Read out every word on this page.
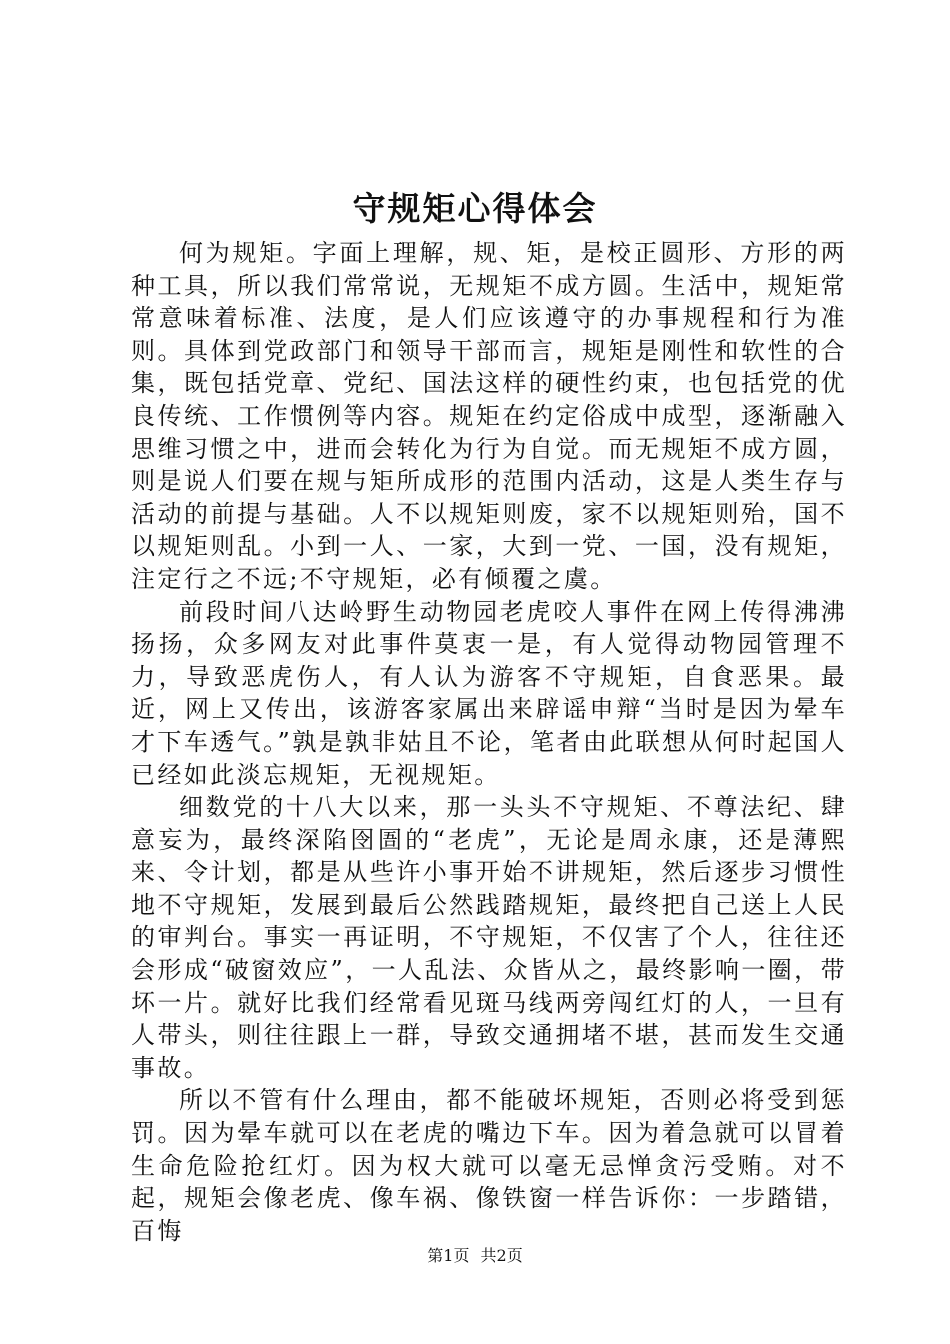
守规矩心得体会

何为规矩。字面上理解，规、矩，是校正圆形、方形的两种工具，所以我们常常说，无规矩不成方圆。生活中，规矩常常意味着标准、法度，是人们应该遵守的办事规程和行为准则。具体到党政部门和领导干部而言，规矩是刚性和软性的合集，既包括党章、党纪、国法这样的硬性约束，也包括党的优良传统、工作惯例等内容。规矩在约定俗成中成型，逐渐融入思维习惯之中，进而会转化为行为自觉。而无规矩不成方圆，则是说人们要在规与矩所成形的范围内活动，这是人类生存与活动的前提与基础。人不以规矩则废，家不以规矩则殆，国不以规矩则乱。小到一人、一家，大到一党、一国，没有规矩，注定行之不远;不守规矩，必有倾覆之虞。

前段时间八达岭野生动物园老虎咬人事件在网上传得沸沸扬扬，众多网友对此事件莫衷一是，有人觉得动物园管理不力，导致恶虎伤人，有人认为游客不守规矩，自食恶果。最近，网上又传出，该游客家属出来辟谣申辩“当时是因为晕车才下车透气。”孰是孰非姑且不论，笔者由此联想从何时起国人已经如此淡忘规矩，无视规矩。

细数党的十八大以来，那一头头不守规矩、不尊法纪、肆意妄为，最终深陷囹圄的“老虎”，无论是周永康，还是薄熙来、令计划，都是从些许小事开始不讲规矩，然后逐步习惯性地不守规矩，发展到最后公然践踏规矩，最终把自己送上人民的审判台。事实一再证明，不守规矩，不仅害了个人，往往还会形成“破窗效应”，一人乱法、众皆从之，最终影响一圈，带坏一片。就好比我们经常看见斑马线两旁闯红灯的人，一旦有人带头，则往往跟上一群，导致交通拥堵不堪，甚而发生交通事故。

所以不管有什么理由，都不能破坏规矩，否则必将受到惩罚。因为晕车就可以在老虎的嘴边下车。因为着急就可以冒着生命危险抢红灯。因为权大就可以毫无忌惮贪污受贿。对不起，规矩会像老虎、像车祸、像铁窗一样告诉你：一步踏错，百悔

第1页 共2页
